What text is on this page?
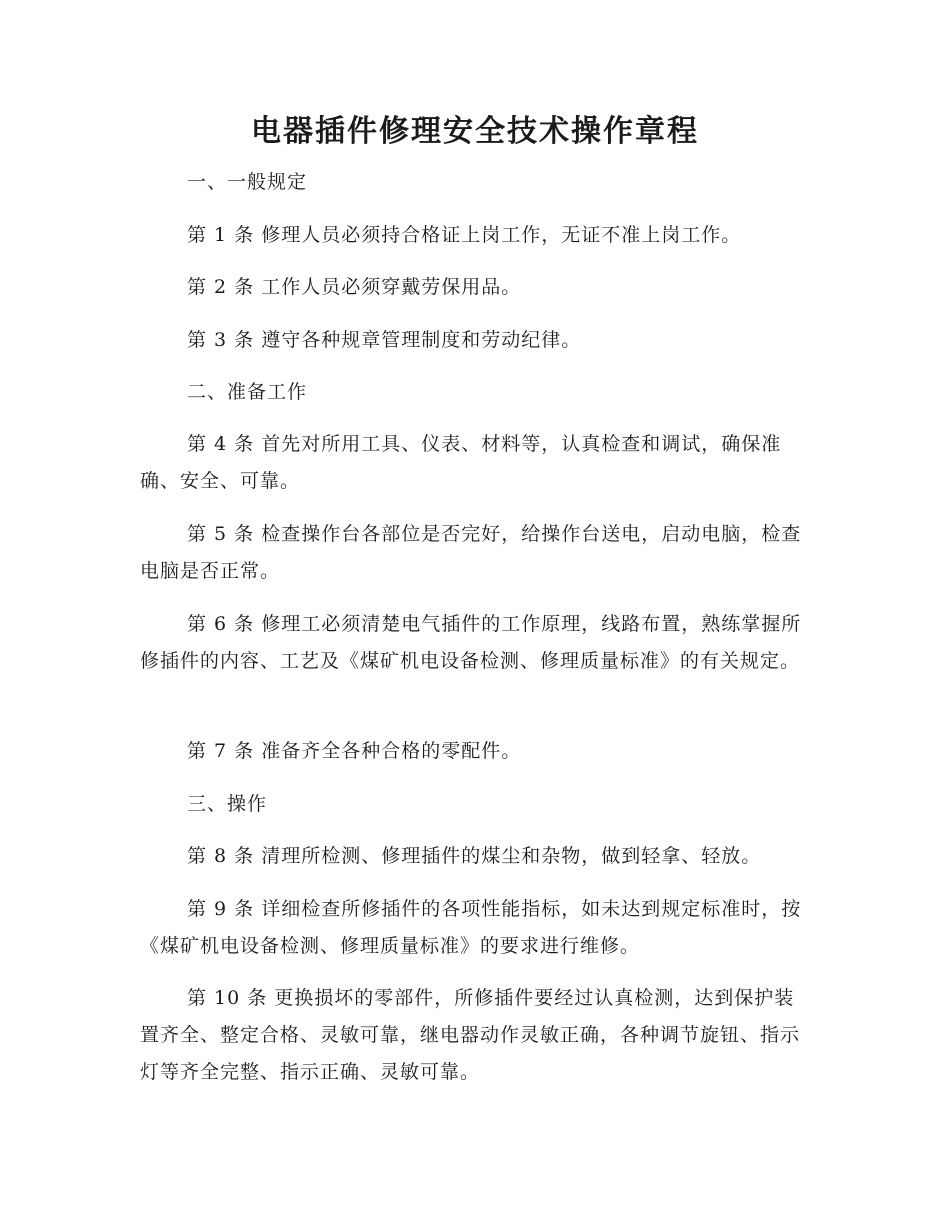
电器插件修理安全技术操作章程

一、一般规定

第 1 条 修理人员必须持合格证上岗工作，无证不准上岗工作。

第 2 条 工作人员必须穿戴劳保用品。

第 3 条 遵守各种规章管理制度和劳动纪律。

二、准备工作

第 4 条 首先对所用工具、仪表、材料等，认真检查和调试，确保准确、安全、可靠。

第 5 条 检查操作台各部位是否完好，给操作台送电，启动电脑，检查电脑是否正常。

第 6 条 修理工必须清楚电气插件的工作原理，线路布置，熟练掌握所修插件的内容、工艺及《煤矿机电设备检测、修理质量标准》的有关规定。

第 7 条 准备齐全各种合格的零配件。

三、操作

第 8 条 清理所检测、修理插件的煤尘和杂物，做到轻拿、轻放。

第 9 条 详细检查所修插件的各项性能指标，如未达到规定标准时，按《煤矿机电设备检测、修理质量标准》的要求进行维修。

第 10 条 更换损坏的零部件，所修插件要经过认真检测，达到保护装置齐全、整定合格、灵敏可靠，继电器动作灵敏正确，各种调节旋钮、指示灯等齐全完整、指示正确、灵敏可靠。
